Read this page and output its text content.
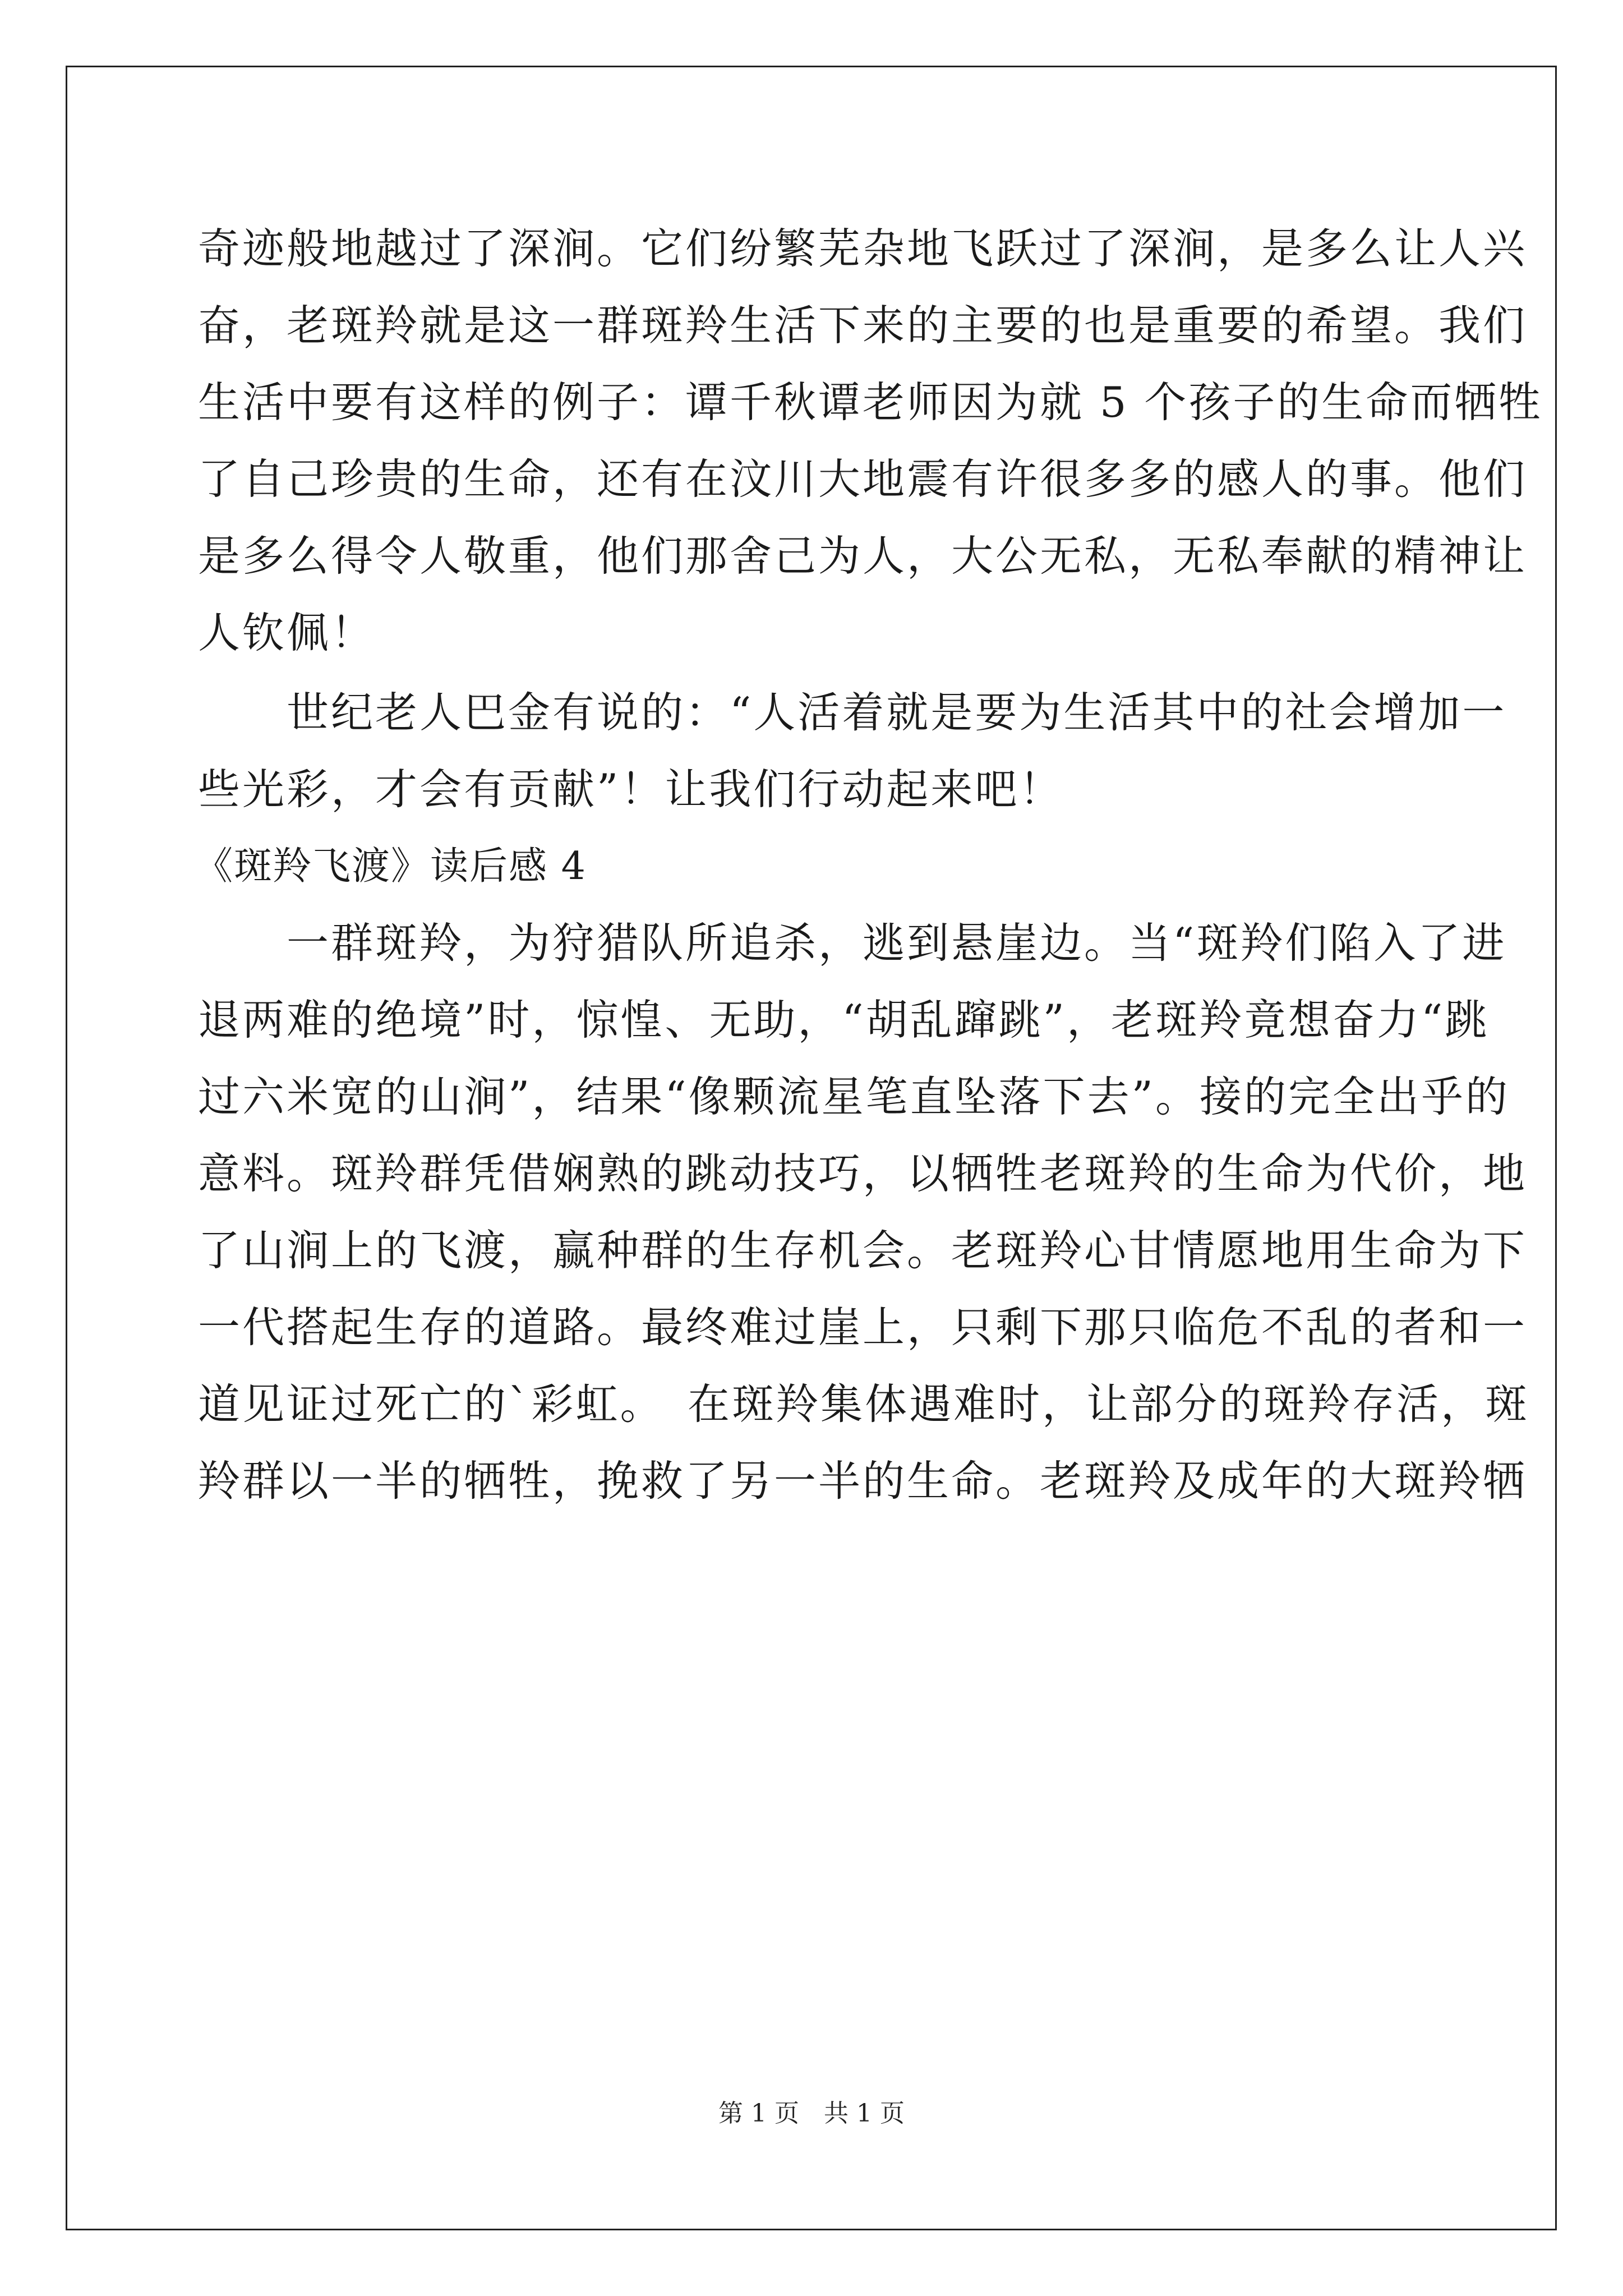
奇迹般地越过了深涧。它们纷繁芜杂地飞跃过了深涧，是多么让人兴
奋，老斑羚就是这一群斑羚生活下来的主要的也是重要的希望。我们
生活中要有这样的例子：谭千秋谭老师因为就 5 个孩子的生命而牺牲
了自己珍贵的生命，还有在汶川大地震有许很多多的感人的事。他们
是多么得令人敬重，他们那舍己为人，大公无私，无私奉献的精神让
人钦佩！
　　世纪老人巴金有说的：“人活着就是要为生活其中的社会增加一
些光彩，才会有贡献”！让我们行动起来吧！
《斑羚飞渡》读后感 4
　　一群斑羚，为狩猎队所追杀，逃到悬崖边。当“斑羚们陷入了进
退两难的绝境”时，惊惶、无助，“胡乱蹿跳”，老斑羚竟想奋力“跳
过六米宽的山涧”，结果“像颗流星笔直坠落下去”。接的完全出乎的
意料。斑羚群凭借娴熟的跳动技巧，以牺牲老斑羚的生命为代价，地
了山涧上的飞渡，赢种群的生存机会。老斑羚心甘情愿地用生命为下
一代搭起生存的道路。最终难过崖上，只剩下那只临危不乱的者和一
道见证过死亡的`彩虹。　在斑羚集体遇难时，让部分的斑羚存活，斑
羚群以一半的牺牲，挽救了另一半的生命。老斑羚及成年的大斑羚牺
第 1 页　共 1 页
